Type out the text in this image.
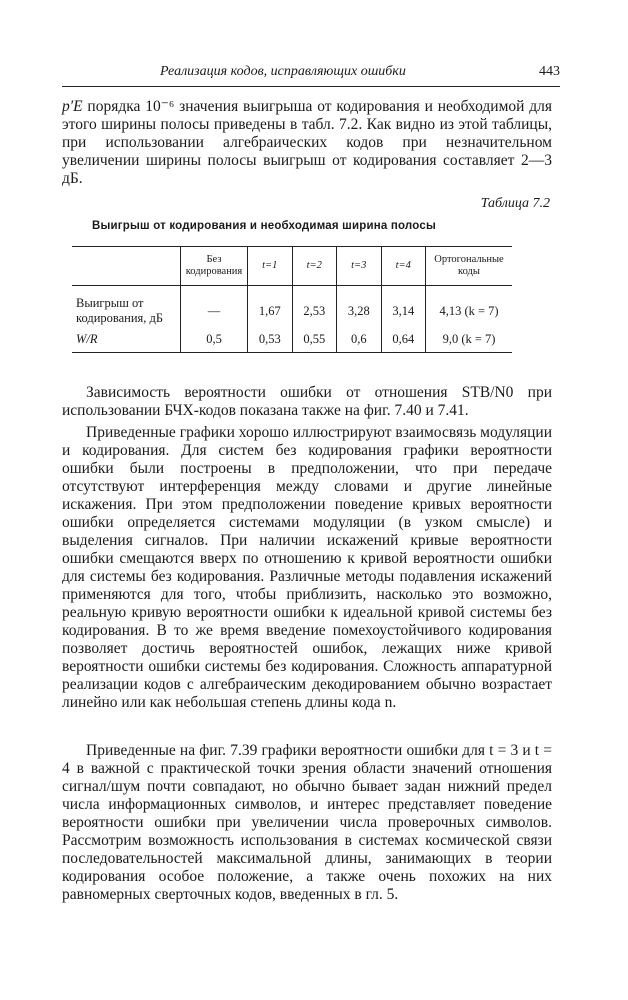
Реализация кодов, исправляющих ошибки	443

p′E порядка 10⁻⁶ значения выигрыша от кодирования и необходимой для этого ширины полосы приведены в табл. 7.2. Как видно из этой таблицы, при использовании алгебраических кодов при незначительном увеличении ширины полосы выигрыш от кодирования составляет 2—3 дБ.

Таблица 7.2
Выигрыш от кодирования и необходимая ширина полосы
	Без кодирования	t=1	t=2	t=3	t=4	Ортогональные коды

Выигрыш от кодирования, дБ	—	1,67	2,53	3,28	3,14	4,13 (k = 7)
W/R	0,5	0,53	0,55	0,6	0,64	9,0 (k = 7)

Зависимость вероятности ошибки от отношения STB/N0 при использовании БЧХ-кодов показана также на фиг. 7.40 и 7.41.

Приведенные графики хорошо иллюстрируют взаимосвязь модуляции и кодирования. Для систем без кодирования графики вероятности ошибки были построены в предположении, что при передаче отсутствуют интерференция между словами и другие линейные искажения. При этом предположении поведение кривых вероятности ошибки определяется системами модуляции (в узком смысле) и выделения сигналов. При наличии искажений кривые вероятности ошибки смещаются вверх по отношению к кривой вероятности ошибки для системы без кодирования. Различные методы подавления искажений применяются для того, чтобы приблизить, насколько это возможно, реальную кривую вероятности ошибки к идеальной кривой системы без кодирования. В то же время введение помехоустойчивого кодирования позволяет достичь вероятностей ошибок, лежащих ниже кривой вероятности ошибки системы без кодирования. Сложность аппаратурной реализации кодов с алгебраическим декодированием обычно возрастает линейно или как небольшая степень длины кода n.

Приведенные на фиг. 7.39 графики вероятности ошибки для t = 3 и t = 4 в важной с практической точки зрения области значений отношения сигнал/шум почти совпадают, но обычно бывает задан нижний предел числа информационных символов, и интерес представляет поведение вероятности ошибки при увеличении числа проверочных символов. Рассмотрим возможность использования в системах космической связи последовательностей максимальной длины, занимающих в теории кодирования особое положение, а также очень похожих на них равномерных сверточных кодов, введенных в гл. 5.
